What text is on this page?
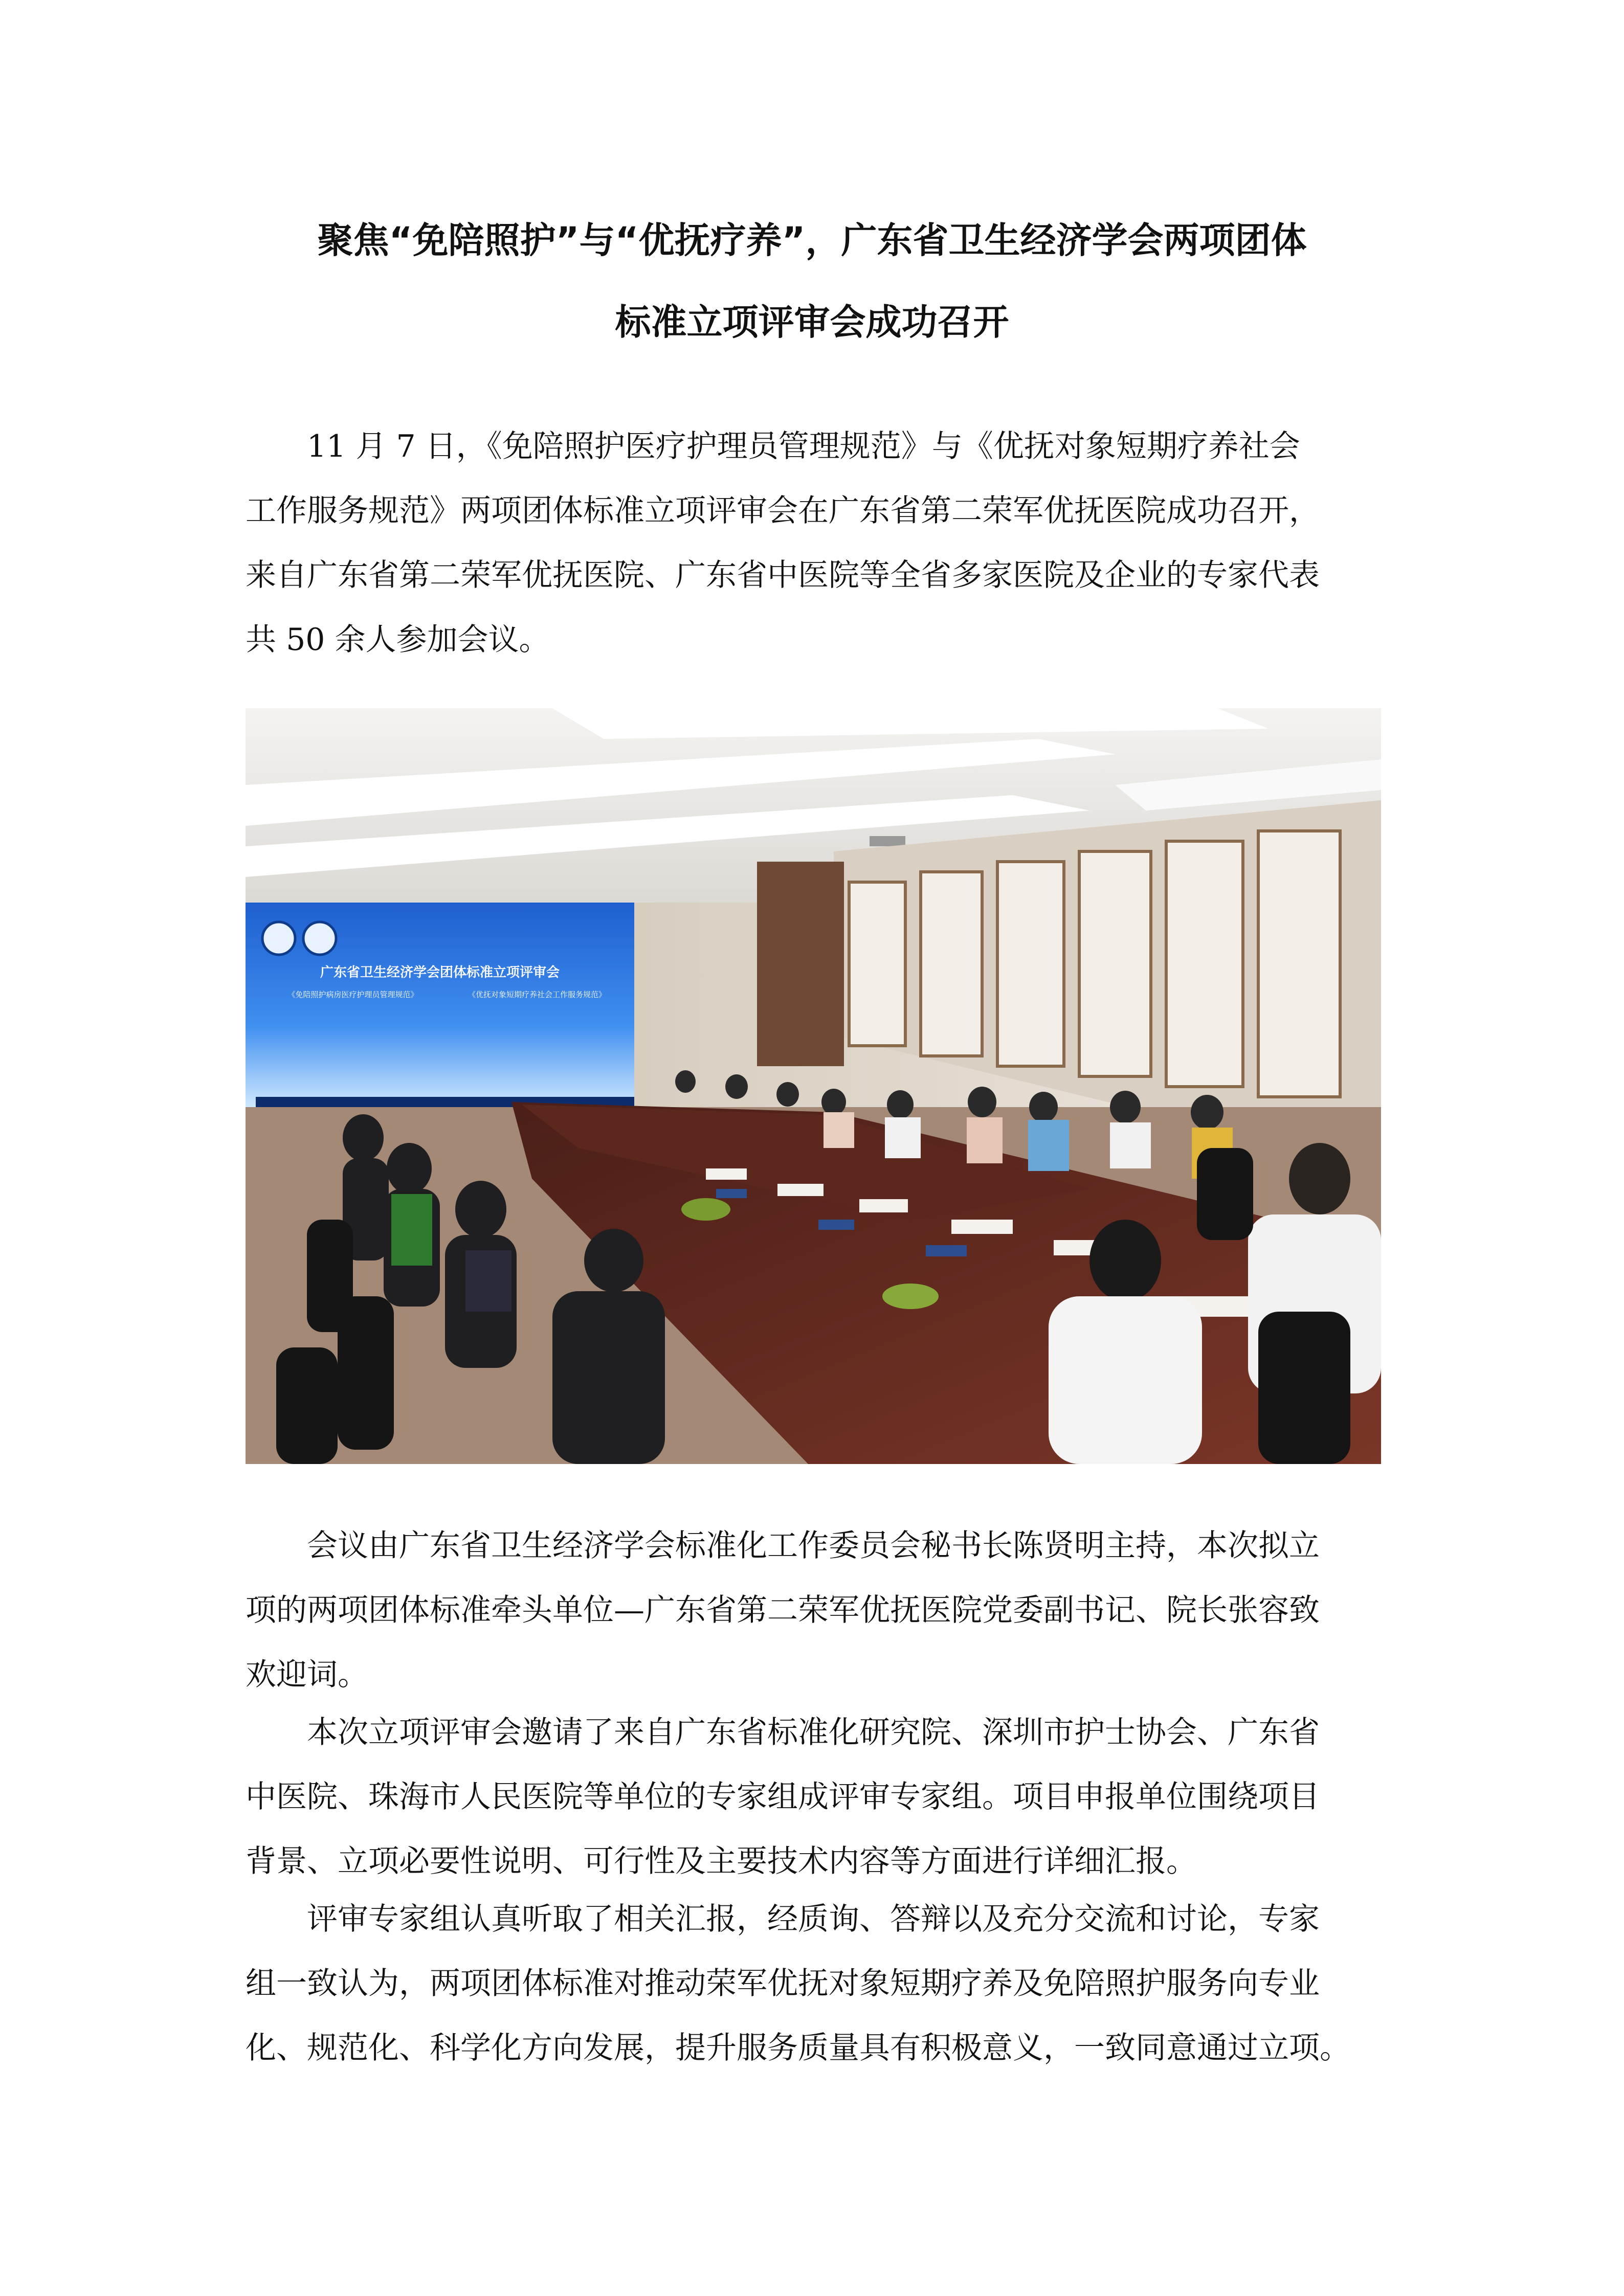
聚焦“免陪照护”与“优抚疗养”，广东省卫生经济学会两项团体
标准立项评审会成功召开

11 月 7 日，《免陪照护医疗护理员管理规范》与《优抚对象短期疗养社会
工作服务规范》两项团体标准立项评审会在广东省第二荣军优抚医院成功召开，
来自广东省第二荣军优抚医院、广东省中医院等全省多家医院及企业的专家代表
共 50 余人参加会议。

广东省卫生经济学会团体标准立项评审会
《免陪照护病房医疗护理员管理规范》	《优抚对象短期疗养社会工作服务规范》

会议由广东省卫生经济学会标准化工作委员会秘书长陈贤明主持，本次拟立
项的两项团体标准牵头单位—广东省第二荣军优抚医院党委副书记、院长张容致
欢迎词。

本次立项评审会邀请了来自广东省标准化研究院、深圳市护士协会、广东省
中医院、珠海市人民医院等单位的专家组成评审专家组。项目申报单位围绕项目
背景、立项必要性说明、可行性及主要技术内容等方面进行详细汇报。

评审专家组认真听取了相关汇报，经质询、答辩以及充分交流和讨论，专家
组一致认为，两项团体标准对推动荣军优抚对象短期疗养及免陪照护服务向专业
化、规范化、科学化方向发展，提升服务质量具有积极意义，一致同意通过立项。
